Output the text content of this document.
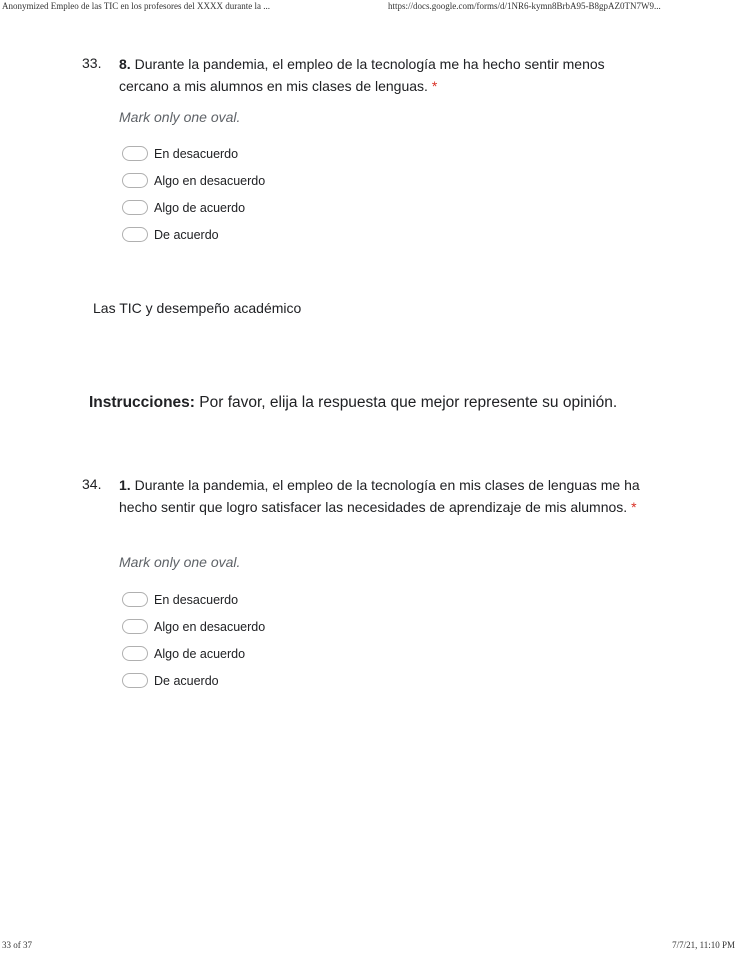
Anonymized Empleo de las TIC en los profesores del XXXX durante la ...	https://docs.google.com/forms/d/1NR6-kymn8BrbA95-B8gpAZ0TN7W9...
33. 8. Durante la pandemia, el empleo de la tecnología me ha hecho sentir menos cercano a mis alumnos en mis clases de lenguas. *
Mark only one oval.
En desacuerdo
Algo en desacuerdo
Algo de acuerdo
De acuerdo
Las TIC y desempeño académico
Instrucciones: Por favor, elija la respuesta que mejor represente su opinión.
34. 1. Durante la pandemia, el empleo de la tecnología en mis clases de lenguas me ha hecho sentir que logro satisfacer las necesidades de aprendizaje de mis alumnos. *
Mark only one oval.
En desacuerdo
Algo en desacuerdo
Algo de acuerdo
De acuerdo
33 of 37	7/7/21, 11:10 PM
